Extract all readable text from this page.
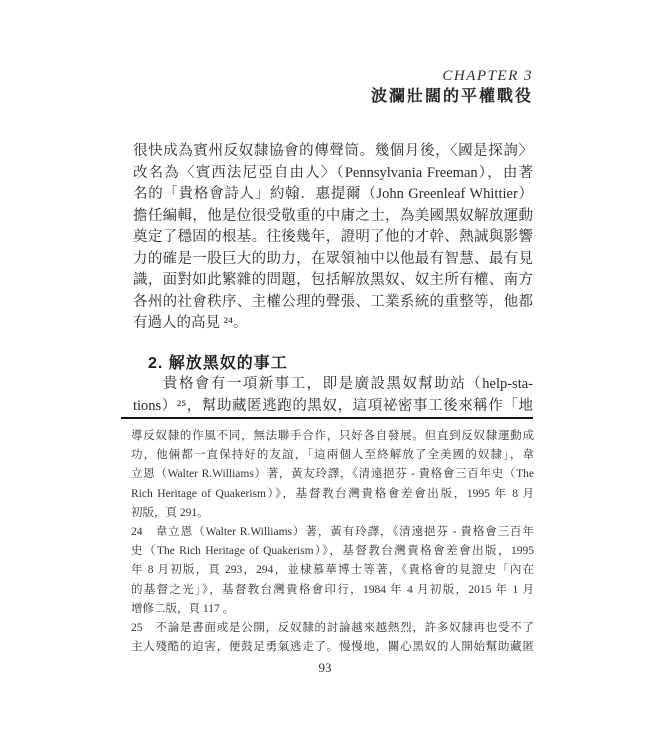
CHAPTER 3
波瀾壯闊的平權戰役
很快成為賓州反奴隸協會的傳聲筒。幾個月後，〈國是探詢〉
改名為〈賓西法尼亞自由人〉（Pennsylvania Freeman），由著
名的「貴格會詩人」約翰．惠提爾（John Greenleaf Whittier）
擔任編輯，他是位很受敬重的中庸之士，為美國黑奴解放運動
奠定了穩固的根基。往後幾年，證明了他的才幹、熱誠與影響
力的確是一股巨大的助力，在眾領袖中以他最有智慧、最有見
識，面對如此繁雜的問題，包括解放黑奴、奴主所有權、南方
各州的社會秩序、主權公理的聲張、工業系統的重整等，他都
有過人的高見 ²⁴。
2. 解放黑奴的事工
貴格會有一項新事工，即是廣設黑奴幫助站（help-sta-
tions）²⁵，幫助藏匿逃跑的黑奴，這項祕密事工後來稱作「地
導反奴隸的作風不同，無法聯手合作，只好各自發展。但直到反奴隸運動成
功，他倆都一直保持好的友誼，「這兩個人至終解放了全美國的奴隸」，韋
立恩（Walter R.Williams）著，黃友玲譯，《清遠挹芬 - 貴格會三百年史（The
Rich Heritage of Quakerism）》，基督教台灣貴格會差會出版，1995 年 8 月
初版，頁 291。
24　韋立恩（Walter R.Williams）著，黃有玲譯，《清遠挹芬 - 貴格會三百年
史（The Rich Heritage of Quakerism）》，基督教台灣貴格會差會出版，1995
年 8 月初版，頁 293，294，並棣慕華博士等著，《貴格會的見證史「內在
的基督之光」》，基督教台灣貴格會印行，1984 年 4 月初版，2015 年 1 月
增修二版，頁 117 。
25　不論是書面或是公開，反奴隸的討論越來越熱烈，許多奴隸再也受不了
主人殘酷的迫害，便鼓足勇氣逃走了。慢慢地，關心黑奴的人開始幫助藏匿
93
